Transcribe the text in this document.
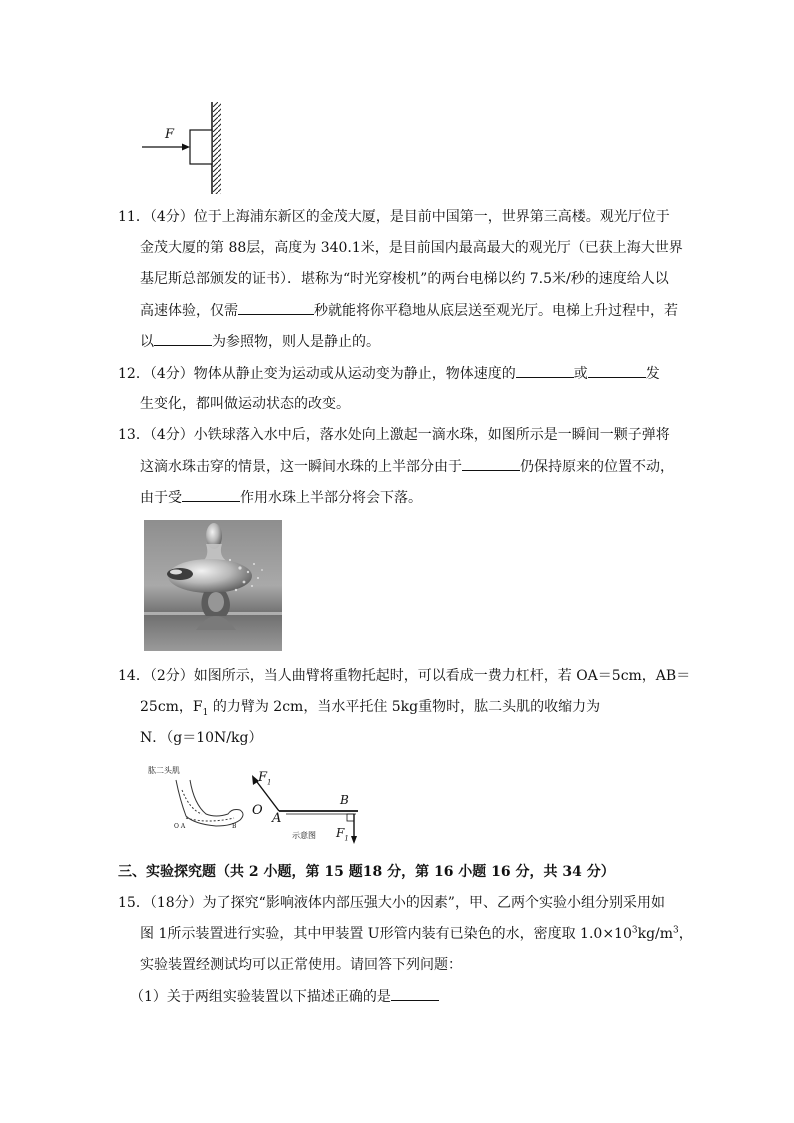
F
11．（4分）位于上海浦东新区的金茂大厦，是目前中国第一，世界第三高楼。观光厅位于
金茂大厦的第 88层，高度为 340.1米，是目前国内最高最大的观光厅（已获上海大世界
基尼斯总部颁发的证书）．堪称为“时光穿梭机”的两台电梯以约 7.5米/秒的速度给人以
高速体验，仅需	秒就能将你平稳地从底层送至观光厅。电梯上升过程中，若
以	为参照物，则人是静止的。
12．（4分）物体从静止变为运动或从运动变为静止，物体速度的	或	发
生变化，都叫做运动状态的改变。
13．（4分）小铁球落入水中后，落水处向上激起一滴水珠，如图所示是一瞬间一颗子弹将
这滴水珠击穿的情景，这一瞬间水珠的上半部分由于	仍保持原来的位置不动，
由于受	作用水珠上半部分将会下落。
14．（2分）如图所示，当人曲臂将重物托起时，可以看成一费力杠杆，若 OA＝5cm，AB＝
25cm，$F_1$ 的力臂为 2cm，当水平托住 5kg重物时，肱二头肌的收缩力为
N．（g＝10N/kg）
肱二头肌
O A	B
$F_1$
O
A
B
$F_1$
示意图
三、实验探究题（共 2 小题，第 15 题18 分，第 16 小题 16 分，共 34 分）
15．（18分）为了探究“影响液体内部压强大小的因素”，甲、乙两个实验小组分别采用如
图 1所示装置进行实验，其中甲装置 U形管内装有已染色的水，密度取 $1.0\times 10^3kg/m^3$，
实验装置经测试均可以正常使用。请回答下列问题：
（1）关于两组实验装置以下描述正确的是
